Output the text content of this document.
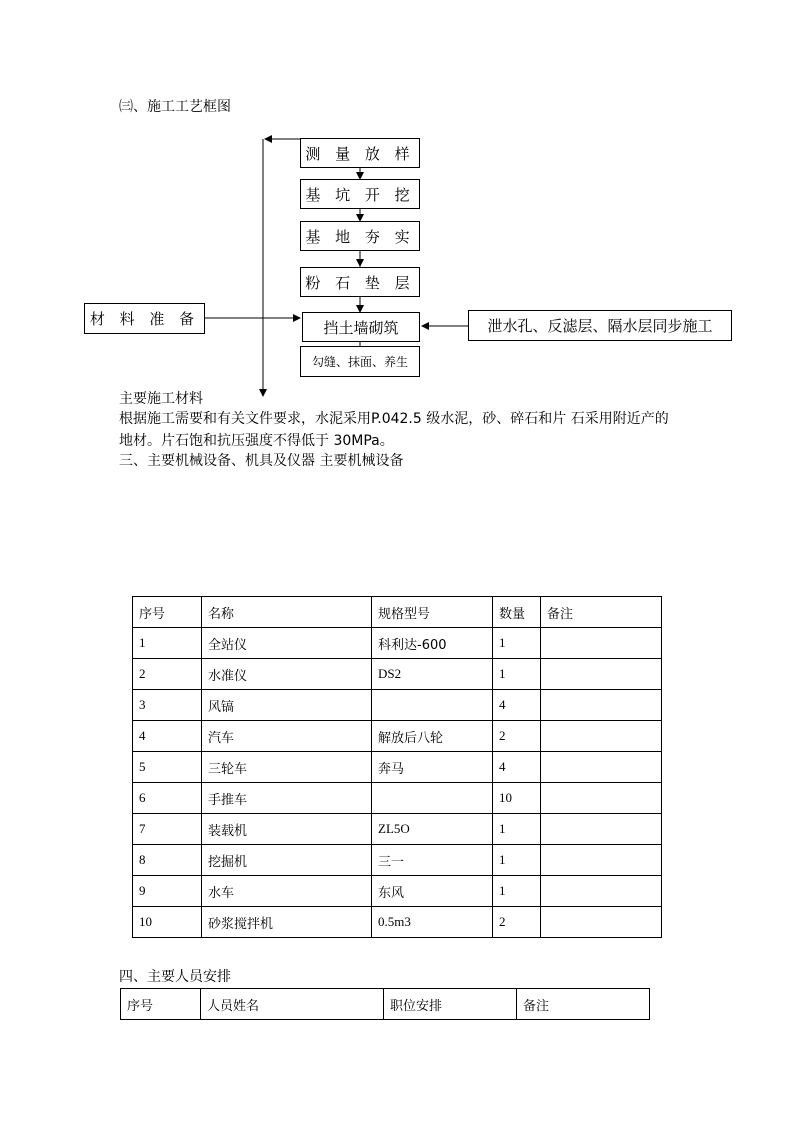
㈢、施工工艺框图
测 量 放 样
基 坑 开 挖
基 地 夯 实
粉 石 垫 层
挡土墙砌筑
勾缝、抹面、养生
材 料 准 备	泄水孔、反滤层、隔水层同步施工
主要施工材料
根据施工需要和有关文件要求，水泥采用P.042.5 级水泥，砂、碎石和片 石采用附近产的
地材。片石饱和抗压强度不得低于 30MPa。
三、主要机械设备、机具及仪器 主要机械设备
序号	名称	规格型号	数量	备注
1	全站仪	科利达-600	1	
2	水准仪	DS2	1	
3	风镐		4	
4	汽车	解放后八轮	2	
5	三轮车	奔马	4	
6	手推车		10	
7	装载机	ZL5O	1	
8	挖掘机	三一	1	
9	水车	东风	1	
10	砂浆搅拌机	0.5m3	2	
四、主要人员安排
序号	人员姓名	职位安排	备注
